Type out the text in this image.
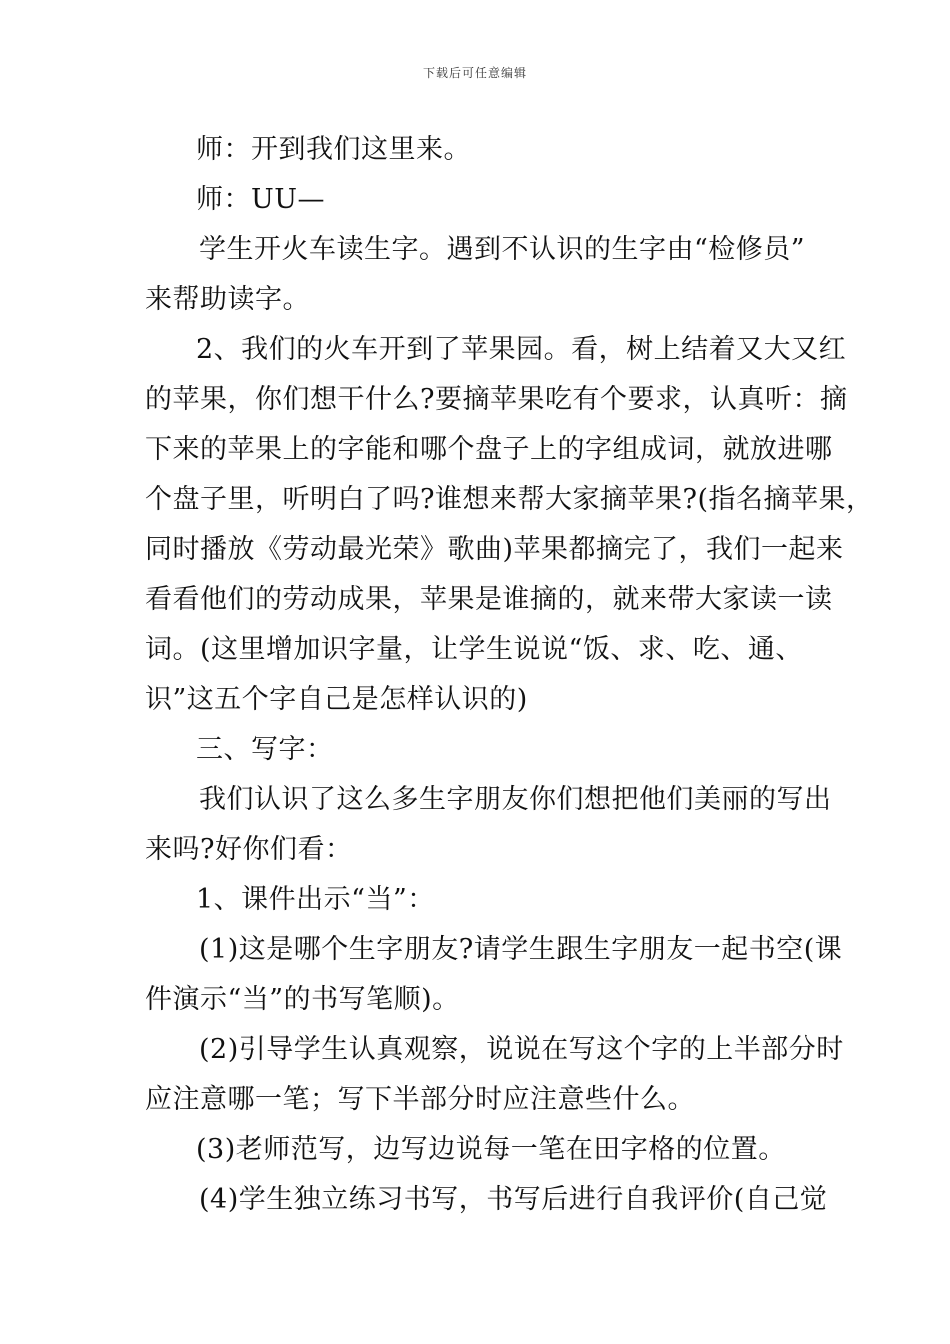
下载后可任意编辑
师：开到我们这里来。
师：UU—
学生开火车读生字。遇到不认识的生字由“检修员”
来帮助读字。
2、我们的火车开到了苹果园。看，树上结着又大又红
的苹果，你们想干什么?要摘苹果吃有个要求，认真听：摘
下来的苹果上的字能和哪个盘子上的字组成词，就放进哪
个盘子里，听明白了吗?谁想来帮大家摘苹果?(指名摘苹果，
同时播放《劳动最光荣》歌曲)苹果都摘完了，我们一起来
看看他们的劳动成果，苹果是谁摘的，就来带大家读一读
词。(这里增加识字量，让学生说说“饭、求、吃、通、
识”这五个字自己是怎样认识的)
三、写字：
我们认识了这么多生字朋友你们想把他们美丽的写出
来吗?好你们看：
1、课件出示“当”：
(1)这是哪个生字朋友?请学生跟生字朋友一起书空(课
件演示“当”的书写笔顺)。
(2)引导学生认真观察，说说在写这个字的上半部分时
应注意哪一笔；写下半部分时应注意些什么。
(3)老师范写，边写边说每一笔在田字格的位置。
(4)学生独立练习书写，书写后进行自我评价(自己觉
